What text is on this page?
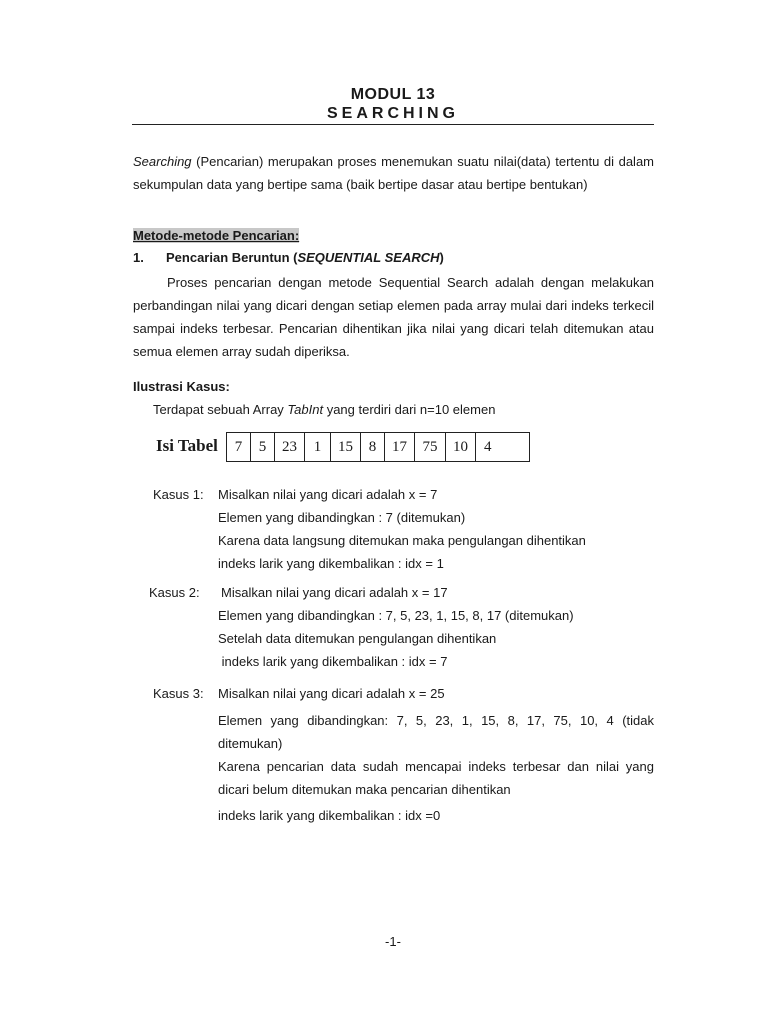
MODUL 13
SEARCHING
Searching (Pencarian) merupakan proses menemukan suatu nilai(data) tertentu di dalam sekumpulan data yang bertipe sama (baik bertipe dasar atau bertipe bentukan)
Metode-metode Pencarian:
1. Pencarian Beruntun (SEQUENTIAL SEARCH)
Proses pencarian dengan metode Sequential Search adalah dengan melakukan perbandingan nilai yang dicari dengan setiap elemen pada array mulai dari indeks terkecil sampai indeks terbesar. Pencarian dihentikan jika nilai yang dicari telah ditemukan atau semua elemen array sudah diperiksa.
Ilustrasi Kasus:
Terdapat sebuah Array TabInt yang terdiri dari n=10 elemen
Isi Tabel 7	5	23	1	15	8	17	75	10	4
Kasus 1: Misalkan nilai yang dicari adalah x = 7
Elemen yang dibandingkan : 7 (ditemukan)
Karena data langsung ditemukan maka pengulangan dihentikan
indeks larik yang dikembalikan : idx = 1
Kasus 2: Misalkan nilai yang dicari adalah x = 17
Elemen yang dibandingkan : 7, 5, 23, 1, 15, 8, 17 (ditemukan)
Setelah data ditemukan pengulangan dihentikan
indeks larik yang dikembalikan : idx = 7
Kasus 3: Misalkan nilai yang dicari adalah x = 25
Elemen yang dibandingkan: 7, 5, 23, 1, 15, 8, 17, 75, 10, 4 (tidak ditemukan)
Karena pencarian data sudah mencapai indeks terbesar dan nilai yang dicari belum ditemukan maka pencarian dihentikan
indeks larik yang dikembalikan : idx =0
-1-
